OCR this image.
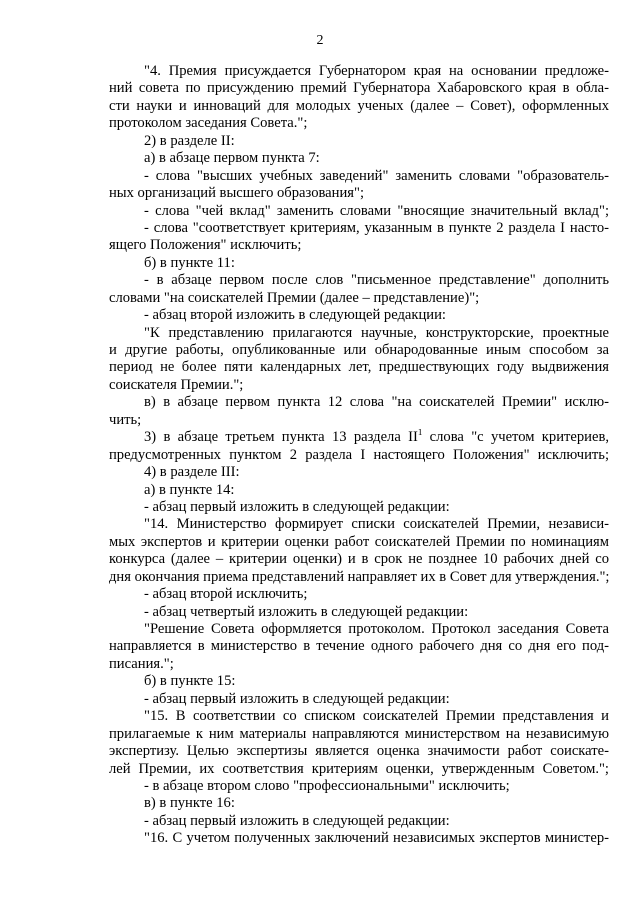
2
"4. Премия присуждается Губернатором края на основании предложе-
ний совета по присуждению премий Губернатора Хабаровского края в обла-
сти науки и инноваций для молодых ученых (далее – Совет), оформленных
протоколом заседания Совета.";
2) в разделе II:
а) в абзаце первом пункта 7:
- слова "высших учебных заведений" заменить словами "образователь-
ных организаций высшего образования";
- слова "чей вклад" заменить словами "вносящие значительный вклад";
- слова "соответствует критериям, указанным в пункте 2 раздела I насто-
ящего Положения" исключить;
б) в пункте 11:
- в абзаце первом после слов "письменное представление" дополнить
словами "на соискателей Премии (далее – представление)";
- абзац второй изложить в следующей редакции:
"К представлению прилагаются научные, конструкторские, проектные
и другие работы, опубликованные или обнародованные иным способом за
период не более пяти календарных лет, предшествующих году выдвижения
соискателя Премии.";
в) в абзаце первом пункта 12 слова "на соискателей Премии" исклю-
чить;
3) в абзаце третьем пункта 13 раздела II$^1$ слова "с учетом критериев,
предусмотренных пунктом 2 раздела I настоящего Положения" исключить;
4) в разделе III:
а) в пункте 14:
- абзац первый изложить в следующей редакции:
"14. Министерство формирует списки соискателей Премии, независи-
мых экспертов и критерии оценки работ соискателей Премии по номинациям
конкурса (далее – критерии оценки) и в срок не позднее 10 рабочих дней со
дня окончания приема представлений направляет их в Совет для утверждения.";
- абзац второй исключить;
- абзац четвертый изложить в следующей редакции:
"Решение Совета оформляется протоколом. Протокол заседания Совета
направляется в министерство в течение одного рабочего дня со дня его под-
писания.";
б) в пункте 15:
- абзац первый изложить в следующей редакции:
"15. В соответствии со списком соискателей Премии представления и
прилагаемые к ним материалы направляются министерством на независимую
экспертизу. Целью экспертизы является оценка значимости работ соискате-
лей Премии, их соответствия критериям оценки, утвержденным Советом.";
- в абзаце втором слово "профессиональными" исключить;
в) в пункте 16:
- абзац первый изложить в следующей редакции:
"16. С учетом полученных заключений независимых экспертов министер-
